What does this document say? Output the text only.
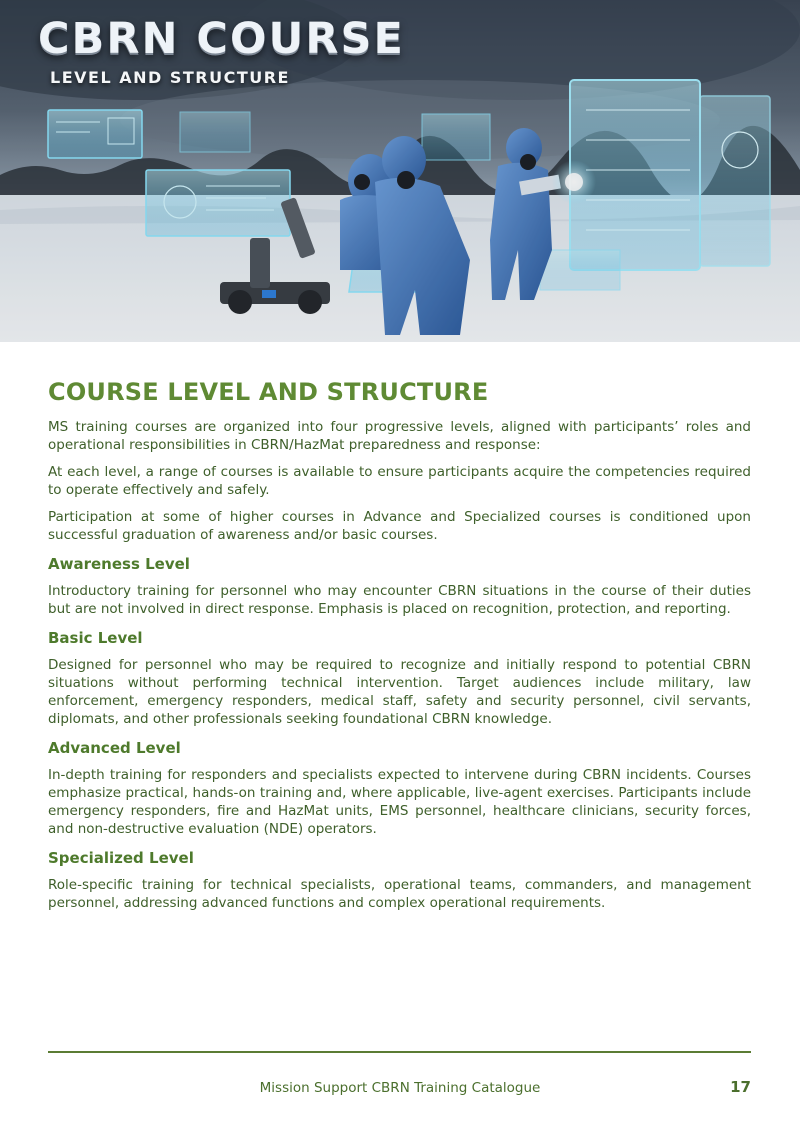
CBRN COURSE
LEVEL AND STRUCTURE
COURSE LEVEL AND STRUCTURE

MS training courses are organized into four progressive levels, aligned with participants’ roles and operational responsibilities in CBRN/HazMat preparedness and response:

At each level, a range of courses is available to ensure participants acquire the competencies required to operate effectively and safely.

Participation at some of higher courses in Advance and Specialized courses is conditioned upon successful graduation of awareness and/or basic courses.

Awareness Level

Introductory training for personnel who may encounter CBRN situations in the course of their duties but are not involved in direct response. Emphasis is placed on recognition, protection, and reporting.

Basic Level

Designed for personnel who may be required to recognize and initially respond to potential CBRN situations without performing technical intervention. Target audiences include military, law enforcement, emergency responders, medical staff, safety and security personnel, civil servants, diplomats, and other professionals seeking foundational CBRN knowledge.

Advanced Level

In-depth training for responders and specialists expected to intervene during CBRN incidents. Courses emphasize practical, hands-on training and, where applicable, live-agent exercises. Participants include emergency responders, fire and HazMat units, EMS personnel, healthcare clinicians, security forces, and non-destructive evaluation (NDE) operators.

Specialized Level

Role-specific training for technical specialists, operational teams, commanders, and management personnel, addressing advanced functions and complex operational requirements.

Mission Support CBRN Training Catalogue	17
